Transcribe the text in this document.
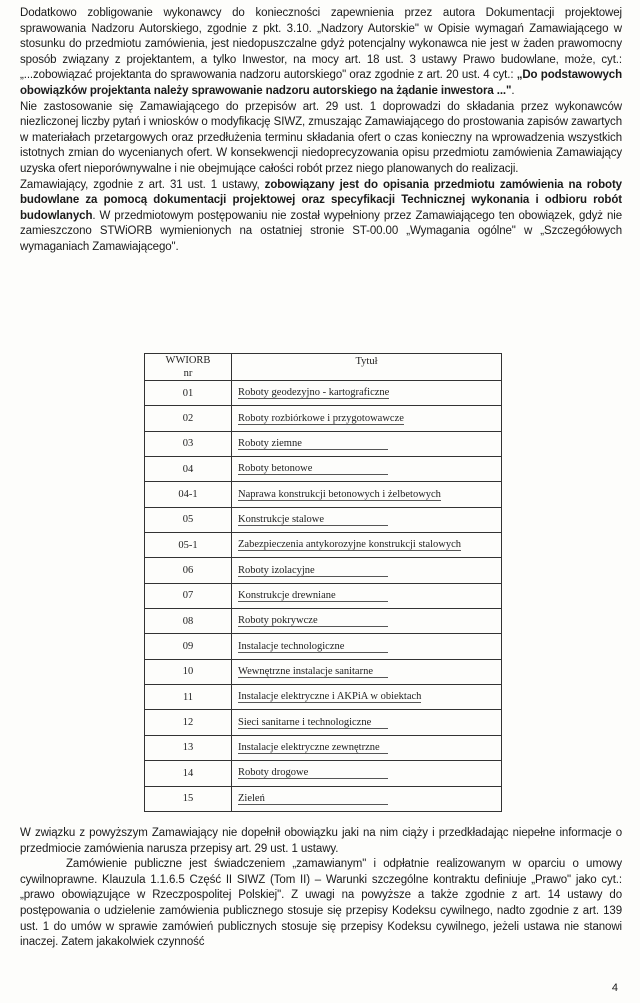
Dodatkowo zobligowanie wykonawcy do konieczności zapewnienia przez autora Dokumentacji projektowej sprawowania Nadzoru Autorskiego, zgodnie z pkt. 3.10. „Nadzory Autorskie" w Opisie wymagań Zamawiającego w stosunku do przedmiotu zamówienia, jest niedopuszczalne gdyż potencjalny wykonawca nie jest w żaden prawomocny sposób związany z projektantem, a tylko Inwestor, na mocy art. 18 ust. 3 ustawy Prawo budowlane, może, cyt.: „...zobowiązać projektanta do sprawowania nadzoru autorskiego" oraz zgodnie z art. 20 ust. 4 cyt.: „Do podstawowych obowiązków projektanta należy sprawowanie nadzoru autorskiego na żądanie inwestora ...".

Nie zastosowanie się Zamawiającego do przepisów art. 29 ust. 1 doprowadzi do składania przez wykonawców niezliczonej liczby pytań i wniosków o modyfikację SIWZ, zmuszając Zamawiającego do prostowania zapisów zawartych w materiałach przetargowych oraz przedłużenia terminu składania ofert o czas konieczny na wprowadzenia wszystkich istotnych zmian do wycenianych ofert. W konsekwencji niedoprecyzowania opisu przedmiotu zamówienia Zamawiający uzyska ofert nieporównywalne i nie obejmujące całości robót przez niego planowanych do realizacji.

Zamawiający, zgodnie z art. 31 ust. 1 ustawy, zobowiązany jest do opisania przedmiotu zamówienia na roboty budowlane za pomocą dokumentacji projektowej oraz specyfikacji Technicznej wykonania i odbioru robót budowlanych. W przedmiotowym postępowaniu nie został wypełniony przez Zamawiającego ten obowiązek, gdyż nie zamieszczono STWiORB wymienionych na ostatniej stronie ST-00.00 „Wymagania ogólne" w „Szczegółowych wymaganiach Zamawiającego".

WWIORB
nr	Tytuł
01	Roboty geodezyjno - kartograficzne
02	Roboty rozbiórkowe i przygotowawcze
03	Roboty ziemne
04	Roboty betonowe
04-1	Naprawa konstrukcji betonowych i żelbetowych
05	Konstrukcje stalowe
05-1	Zabezpieczenia antykorozyjne konstrukcji stalowych
06	Roboty izolacyjne
07	Konstrukcje drewniane
08	Roboty pokrywcze
09	Instalacje technologiczne
10	Wewnętrzne instalacje sanitarne
11	Instalacje elektryczne i AKPiA w obiektach
12	Sieci sanitarne i technologiczne
13	Instalacje elektryczne zewnętrzne
14	Roboty drogowe
15	Zieleń

W związku z powyższym Zamawiający nie dopełnił obowiązku jaki na nim ciąży i przedkładając niepełne informacje o przedmiocie zamówienia narusza przepisy art. 29 ust. 1 ustawy.

Zamówienie publiczne jest świadczeniem „zamawianym" i odpłatnie realizowanym w oparciu o umowy cywilnoprawne. Klauzula 1.1.6.5 Część II SIWZ (Tom II) – Warunki szczególne kontraktu definiuje „Prawo" jako cyt.: „prawo obowiązujące w Rzeczpospolitej Polskiej". Z uwagi na powyższe a także zgodnie z art. 14 ustawy do postępowania o udzielenie zamówienia publicznego stosuje się przepisy Kodeksu cywilnego, nadto zgodnie z art. 139 ust. 1 do umów w sprawie zamówień publicznych stosuje się przepisy Kodeksu cywilnego, jeżeli ustawa nie stanowi inaczej. Zatem jakakolwiek czynność

4
